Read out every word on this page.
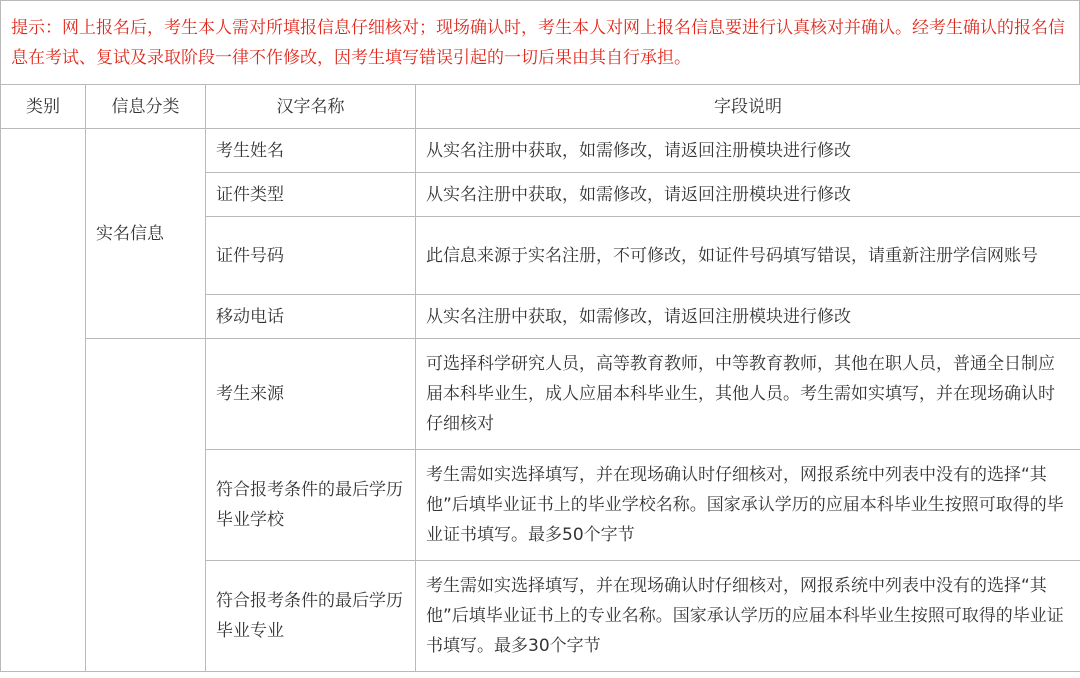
提示：网上报名后，考生本人需对所填报信息仔细核对；现场确认时，考生本人对网上报名信息要进行认真核对并确认。经考生确认的报名信息在考试、复试及录取阶段一律不作修改，因考生填写错误引起的一切后果由其自行承担。
类别	信息分类	汉字名称	字段说明
	实名信息	考生姓名	从实名注册中获取，如需修改，请返回注册模块进行修改
		证件类型	从实名注册中获取，如需修改，请返回注册模块进行修改
		证件号码	此信息来源于实名注册，不可修改，如证件号码填写错误，请重新注册学信网账号
		移动电话	从实名注册中获取，如需修改，请返回注册模块进行修改
		考生来源	可选择科学研究人员，高等教育教师，中等教育教师，其他在职人员，普通全日制应届本科毕业生，成人应届本科毕业生，其他人员。考生需如实填写，并在现场确认时仔细核对
		符合报考条件的最后学历毕业学校	考生需如实选择填写，并在现场确认时仔细核对，网报系统中列表中没有的选择“其他”后填毕业证书上的毕业学校名称。国家承认学历的应届本科毕业生按照可取得的毕业证书填写。最多50个字节
		符合报考条件的最后学历毕业专业	考生需如实选择填写，并在现场确认时仔细核对，网报系统中列表中没有的选择“其他”后填毕业证书上的专业名称。国家承认学历的应届本科毕业生按照可取得的毕业证书填写。最多30个字节
